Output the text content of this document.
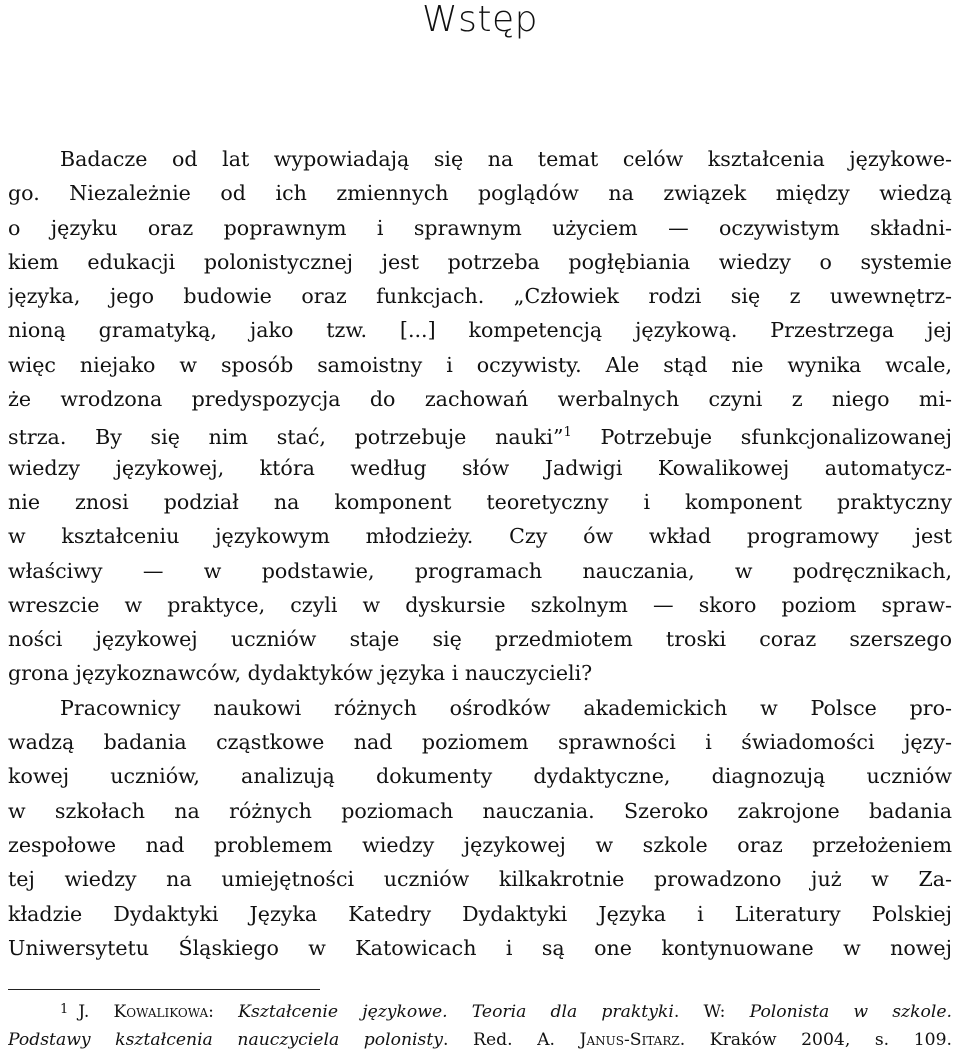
Wstęp
Badacze od lat wypowiadają się na temat celów kształcenia językowe-
go. Niezależnie od ich zmiennych poglądów na związek między wiedzą
o języku oraz poprawnym i sprawnym użyciem — oczywistym składni-
kiem edukacji polonistycznej jest potrzeba pogłębiania wiedzy o systemie
języka, jego budowie oraz funkcjach. „Człowiek rodzi się z uwewnętrz-
nioną gramatyką, jako tzw. [...] kompetencją językową. Przestrzega jej
więc niejako w sposób samoistny i oczywisty. Ale stąd nie wynika wcale,
że wrodzona predyspozycja do zachowań werbalnych czyni z niego mi-
strza. By się nim stać, potrzebuje nauki”$^1$ Potrzebuje sfunkcjonalizowanej
wiedzy językowej, która według słów Jadwigi Kowalikowej automatycz-
nie znosi podział na komponent teoretyczny i komponent praktyczny
w kształceniu językowym młodzieży. Czy ów wkład programowy jest
właściwy — w podstawie, programach nauczania, w podręcznikach,
wreszcie w praktyce, czyli w dyskursie szkolnym — skoro poziom spraw-
ności językowej uczniów staje się przedmiotem troski coraz szerszego
grona językoznawców, dydaktyków języka i nauczycieli?
Pracownicy naukowi różnych ośrodków akademickich w Polsce pro-
wadzą badania cząstkowe nad poziomem sprawności i świadomości języ-
kowej uczniów, analizują dokumenty dydaktyczne, diagnozują uczniów
w szkołach na różnych poziomach nauczania. Szeroko zakrojone badania
zespołowe nad problemem wiedzy językowej w szkole oraz przełożeniem
tej wiedzy na umiejętności uczniów kilkakrotnie prowadzono już w Za-
kładzie Dydaktyki Języka Katedry Dydaktyki Języka i Literatury Polskiej
Uniwersytetu Śląskiego w Katowicach i są one kontynuowane w nowej
$^1$ J. Kowalikowa: Kształcenie językowe. Teoria dla praktyki. W: Polonista w szkole.
Podstawy kształcenia nauczyciela polonisty. Red. A. Janus-Sitarz. Kraków 2004, s. 109.
